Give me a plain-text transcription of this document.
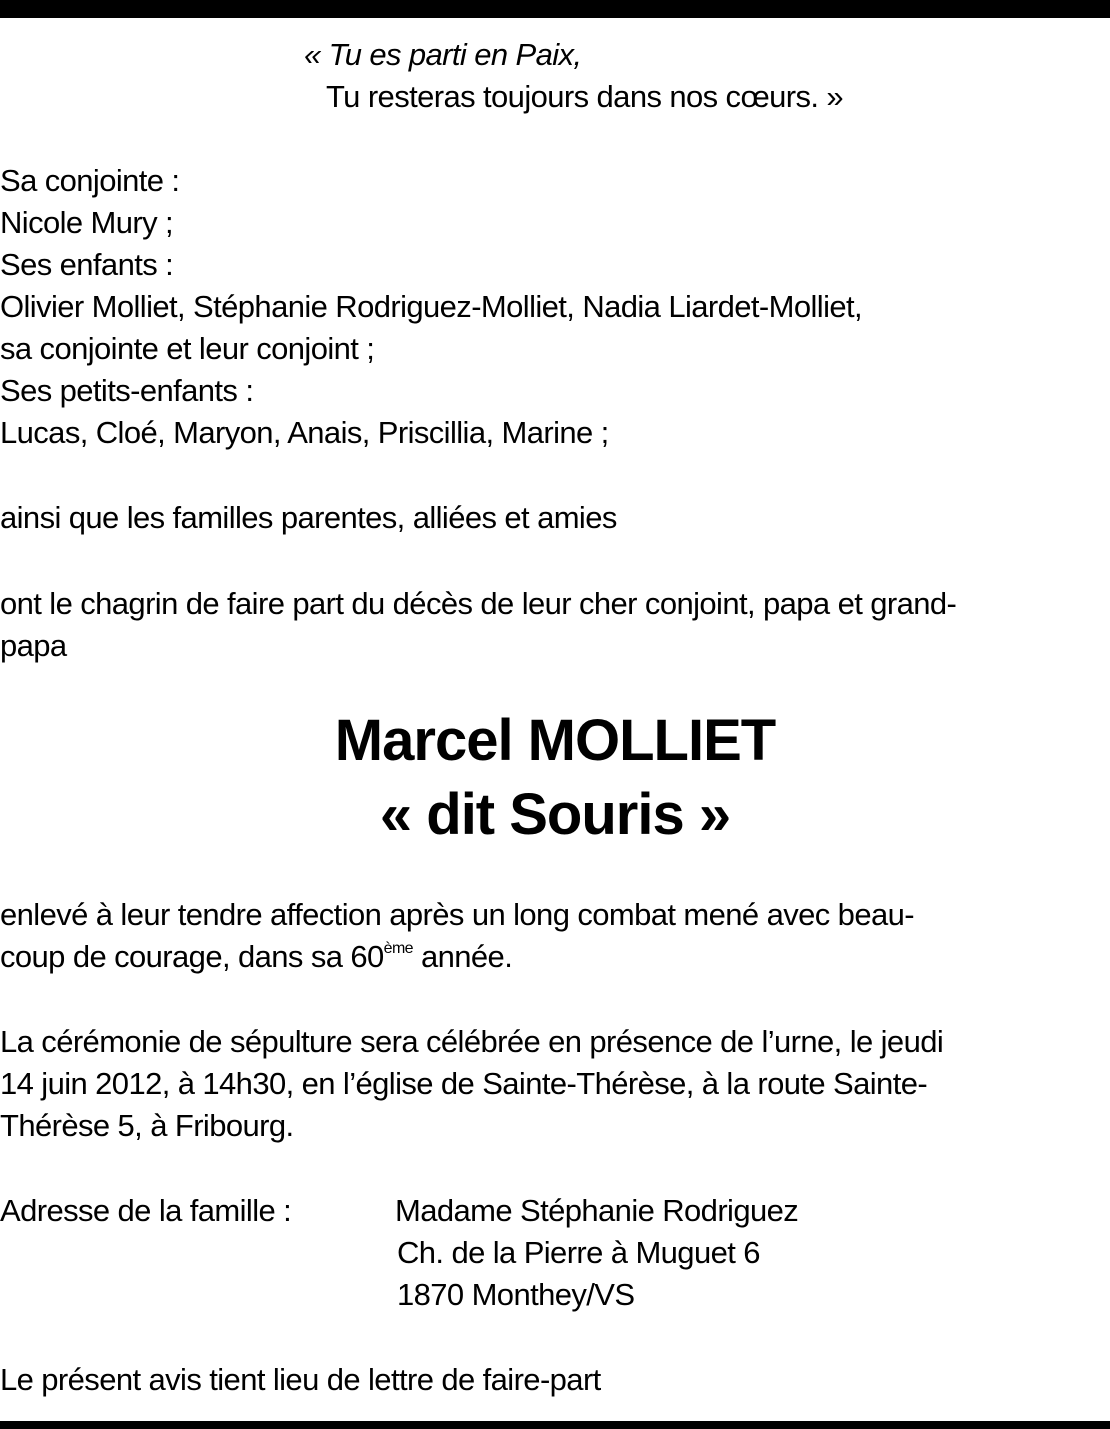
« Tu es parti en Paix,
Tu resteras toujours dans nos cœurs. »
Sa conjointe :
Nicole Mury ;
Ses enfants :
Olivier Molliet, Stéphanie Rodriguez-Molliet, Nadia Liardet-Molliet,
sa conjointe et leur conjoint ;
Ses petits-enfants :
Lucas, Cloé, Maryon, Anais, Priscillia, Marine ;
ainsi que les familles parentes, alliées et amies
ont le chagrin de faire part du décès de leur cher conjoint, papa et grand-
papa
Marcel MOLLIET
« dit Souris »
enlevé à leur tendre affection après un long combat mené avec beau-
coup de courage, dans sa 60ème année.
La cérémonie de sépulture sera célébrée en présence de l’urne, le jeudi
14 juin 2012, à 14h30, en l’église de Sainte-Thérèse, à la route Sainte-
Thérèse 5, à Fribourg.
Adresse de la famille :	Madame Stéphanie Rodriguez
Ch. de la Pierre à Muguet 6
1870 Monthey/VS
Le présent avis tient lieu de lettre de faire-part
